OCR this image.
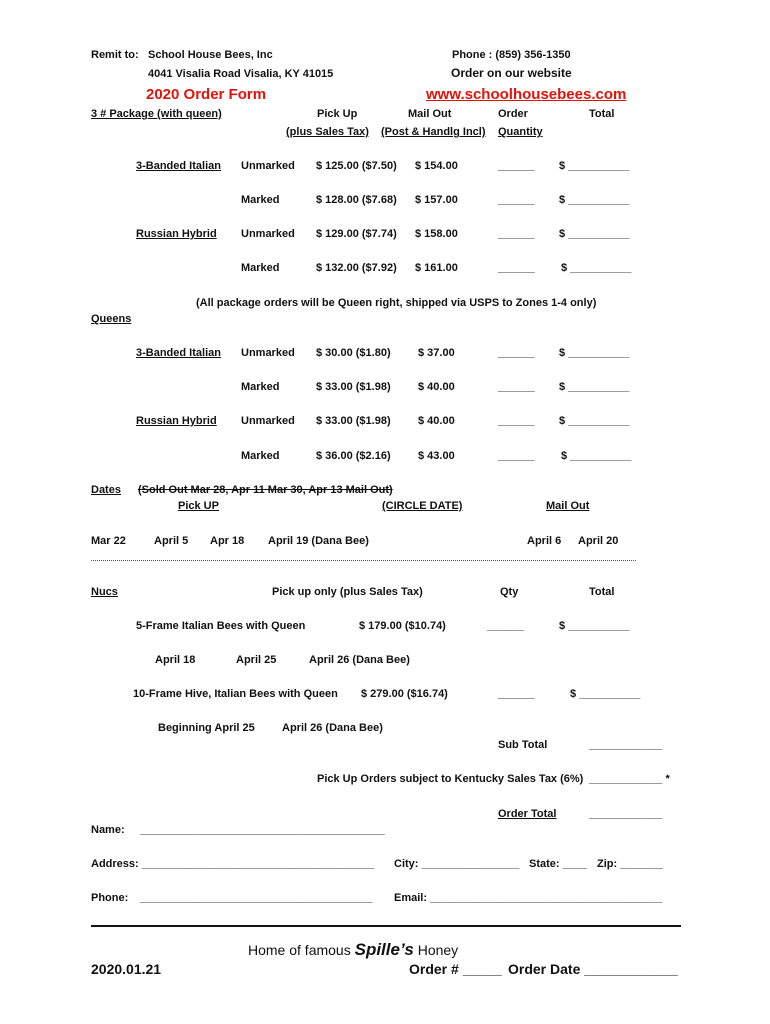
Remit to: School House Bees, Inc
4041 Visalia Road Visalia, KY 41015
Phone : (859) 356-1350
Order on our website
2020 Order Form	www.schoolhousebees.com
3 # Package (with queen)	Pick Up
(plus Sales Tax)
Mail Out
(Post & Handlg Incl)
Order
Quantity
Total
3-Banded Italian Unmarked $ 125.00 ($7.50) $ 154.00	______ $ __________
Marked	$ 128.00 ($7.68) $ 157.00	______ $ __________
Russian Hybrid Unmarked $ 129.00 ($7.74) $ 158.00	______ $ __________
Marked	$ 132.00 ($7.92) $ 161.00	______ $ __________
(All package orders will be Queen right, shipped via USPS to Zones 1-4 only)
Queens
3-Banded Italian Unmarked $ 30.00 ($1.80) $ 37.00	______ $ __________
Marked	$ 33.00 ($1.98) $ 40.00	______ $ __________
Russian Hybrid Unmarked $ 33.00 ($1.98) $ 40.00	______ $ __________
Marked	$ 36.00 ($2.16) $ 43.00	______ $ __________
Dates (Sold Out Mar 28, Apr 11 Mar 30, Apr 13 Mail Out)
Pick UP	(CIRCLE DATE)	Mail Out
Mar 22	April 5 Apr 18 April 19 (Dana Bee)	April 6 April 20
Nucs	Pick up only (plus Sales Tax)	Qty	Total
5-Frame Italian Bees with Queen	$ 179.00 ($10.74)	______	$ __________
April 18	April 25	April 26 (Dana Bee)
10-Frame Hive, Italian Bees with Queen $ 279.00 ($16.74)	______	$ __________
Beginning April 25 April 26 (Dana Bee)
Sub Total	____________
Pick Up Orders subject to Kentucky Sales Tax (6%) ____________ *
Order Total	____________
Name: ________________________________________
Address: ______________________________________ City: ________________ State: ____ Zip: _______
Phone: ______________________________________ Email: ______________________________________
Home of famous Spille’s Honey
2020.01.21	Order # _____ Order Date ____________
